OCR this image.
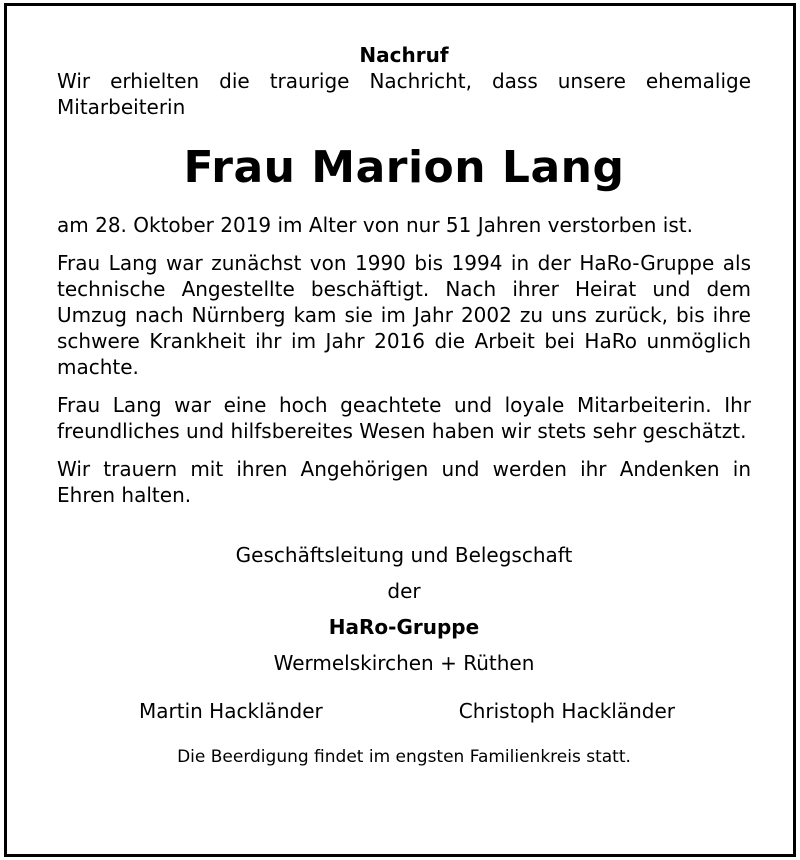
Nachruf

Wir erhielten die traurige Nachricht, dass unsere ehemalige

Mitarbeiterin

Frau Marion Lang

am 28. Oktober 2019 im Alter von nur 51 Jahren verstorben ist.

Frau Lang war zunächst von 1990 bis 1994 in der HaRo-Gruppe als technische Angestellte beschäftigt. Nach ihrer Heirat und dem Umzug nach Nürnberg kam sie im Jahr 2002 zu uns zurück, bis ihre schwere Krankheit ihr im Jahr 2016 die Arbeit bei HaRo unmöglich machte.

Frau Lang war eine hoch geachtete und loyale Mitarbeiterin. Ihr freundliches und hilfsbereites Wesen haben wir stets sehr geschätzt.

Wir trauern mit ihren Angehörigen und werden ihr Andenken in Ehren halten.

Geschäftsleitung und Belegschaft
der
HaRo-Gruppe
Wermelskirchen + Rüthen
Martin Hackländer	Christoph Hackländer
Die Beerdigung findet im engsten Familienkreis statt.
